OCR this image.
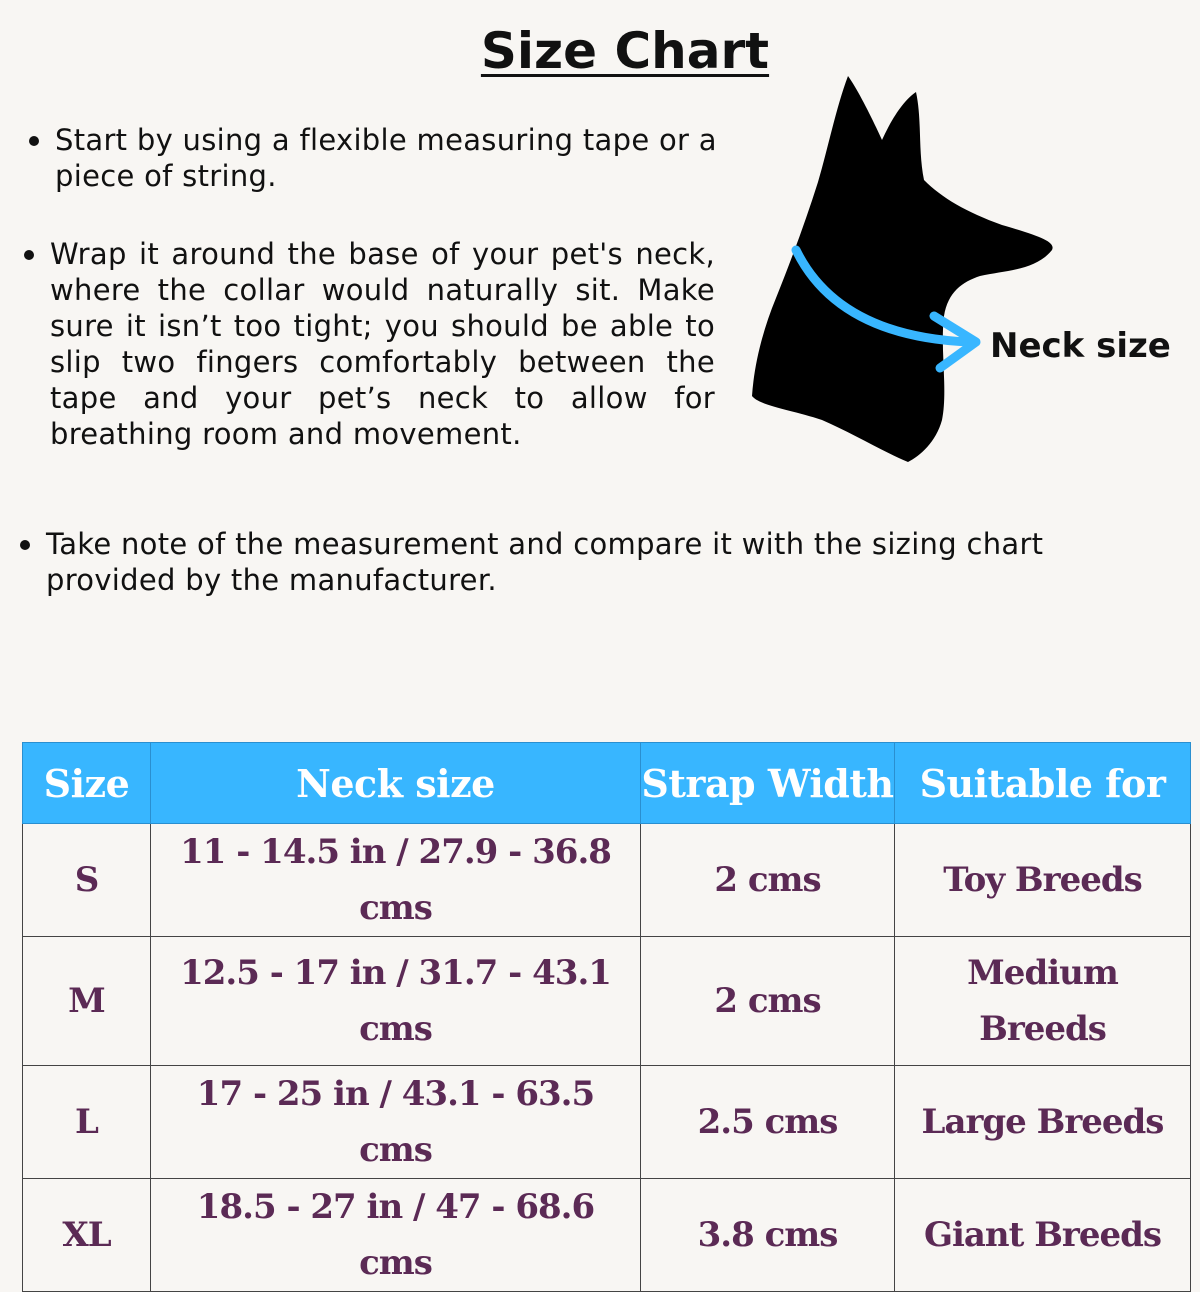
Size Chart
Start by using a flexible measuring tape or a piece of string.
Wrap it around the base of your pet's neck, where the collar would naturally sit. Make sure it isn’t too tight; you should be able to slip two fingers comfortably between the tape and your pet’s neck to allow for breathing room and movement.
Take note of the measurement and compare it with the sizing chart provided by the manufacturer.
Neck size
Size	Neck size	Strap Width	Suitable for
S	11 - 14.5 in / 27.9 - 36.8 cms	2 cms	Toy Breeds
M	12.5 - 17 in / 31.7 - 43.1 cms	2 cms	Medium Breeds
L	17 - 25 in / 43.1 - 63.5 cms	2.5 cms	Large Breeds
XL	18.5 - 27 in / 47 - 68.6 cms	3.8 cms	Giant Breeds
